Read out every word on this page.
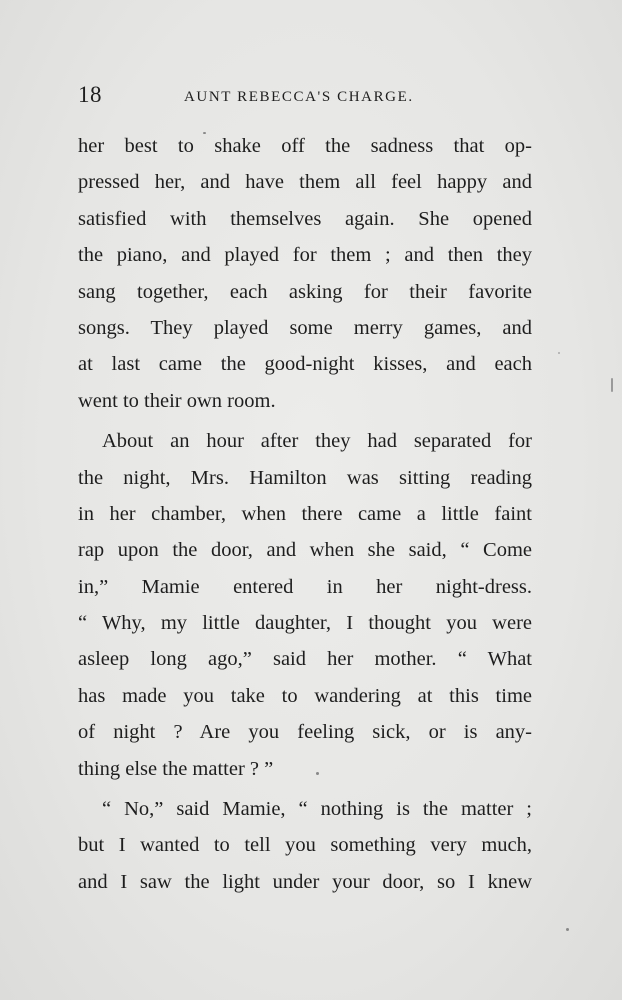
18	AUNT REBECCA'S CHARGE.
her best to shake off the sadness that op-
pressed her, and have them all feel happy and
satisfied with themselves again. She opened
the piano, and played for them ; and then they
sang together, each asking for their favorite
songs. They played some merry games, and
at last came the good-night kisses, and each
went to their own room.
About an hour after they had separated for
the night, Mrs. Hamilton was sitting reading
in her chamber, when there came a little faint
rap upon the door, and when she said, “ Come
in,” Mamie entered in her night-dress.
“ Why, my little daughter, I thought you were
asleep long ago,” said her mother. “ What
has made you take to wandering at this time
of night ? Are you feeling sick, or is any-
thing else the matter ? ”
“ No,” said Mamie, “ nothing is the matter ;
but I wanted to tell you something very much,
and I saw the light under your door, so I knew
